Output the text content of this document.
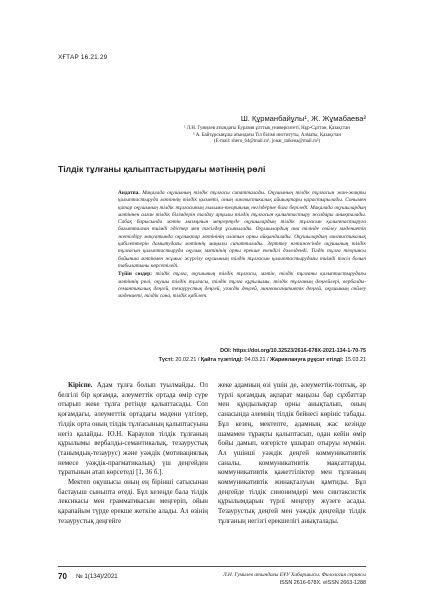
ХҒТАР 16.21.29
Ш. Құрманбайұлы¹, Ж. Жұмабаева²
¹ Л.Н. Гумилев атындағы Еуразия ұлттық университеті, Нұр-Сұлтан, Қазақстан
² А. Байтұрсынұлы атындағы Тіл білімі институты, Алматы, Қазақстан
(E-mail: sheru_64@mail.ru¹, jonar_taikena@mail.ru²)
Тілдік тұлғаны қалыптастырудағы мәтіннің рөлі

Андатпа. Мақалада оқушының тілдік тұлғасы сипатталады. Оқушының тілдік тұлғасын жан-жақты қалыптастыруда мәтіннің тілдік қызметі, оның лингвистикалық айшықтары қарастырылады. Сонымен қатар оқушының тілдік тұлғасының ғылыми-теориялық негіздеріне баға беріледі. Мақалада оқушылардың мәтіннен алған тілдік білімдерін талдау арқылы тілдік тұлғасын қалыптастыру жолдары анықталады. Сабақ барысында мәтін мазмұнын меңгертуде оқушылардың тілдік тұлғасын қалыптастыруға бағытталған тиімді әдістер мен тәсілдер ұсынылады. Оқушылардың ана тілінде сөйлеу мәдениетін жетілдіру мақсатында оқулықтар мәтінінің алатын орны айқындалады. Оқушылардың лингвистикалық қабілеттерін дамытудағы мәтіннің маңызы сипатталады. Зерттеу нәтижесінде оқушының тілдік тұлғасын қалыптастыруда оқулық мәтінінің орны ерекше екендігі дәлелденді. Тілдік тұлға теориясы бойынша мәтінмен жұмыс жүргізу оқушының тілдік тұлғасын қалыптастырудағы тиімді тәсіл болып табылатыны көрсетіледі.

Түйін сөздер: тілдік тұлға, оқушының тілдік тұлғасы, мәтін, тілдік тұлғаны қалыптастырудағы мәтіннің рөлі, оқушы тілдік тұлғасы, тілдік тұлға құрылымы, тілдік тұлғаның деңгейлері, вербалды-семантикалық деңгей, тезаурустық деңгей, уәждік деңгей, лингвокогнитивтік деңгей, оқушының сөйлеу мәдениеті, тілдік сана, тілдік қабілет.

DOI: https://doi.org/10.32523/2616-678X-2021-134-1-70-75
Түсті: 20.02.21 / Қайта түзетілді: 04.03.21 / Жариялануға рұқсат етілді: 15.03.21

Кіріспе. Адам тұлға болып туылмайды. Ол белгілі бір қоғамда, әлеуметтік ортада өмір сүре отырып жеке тұлға ретінде қалыптасады. Сол қоғамдағы, әлеуметтік ортадағы мәдени үлгілер, тілдік орта оның тілдік тұлғасының қалыптасуына негіз қалайды. Ю.Н. Караулов тілдік тұлғаның құрылымы вербалды-семантикалық, тезаурустық (танымдық-тезаурус) және уәждік (мотивациялық немесе уәждік-прагматикалық) үш деңгейден тұратынын атап көрсетеді [1, 36 б.].

Мектеп оқушысы оның ең бірінші сатысынан бастауыш сыныпта өтеді. Бұл кезеңде бала тілдік лексикасы мен грамматикасын меңгеріп, ойын қарапайым түрде ерекше жеткізе алады. Ал өзінің тезаурустық деңгейге

жеке адамның өзі үшін де, әлеуметтік-топтық, әр түрлі қоғамдық ақпарат маңызы бар сұхбаттар мен құндылықтар орны анықталып, оның санасында әлемнің тілдік бейнесі көрініс табады. Бұл кезең, мектепте, адамның жас кезінде шамамен тұрақты қалыптасып, одан кейін өмір бойы дамып, өзгерісте ұшырап отыруы мүмкін. Ал үшінші уәждік деңгей коммуникативтік саналы, коммуникативтік мақсаттарды, коммуникативтік қажеттіліктер мен тұлғаның коммуникативтік жинақталуын қамтиды. Бұл деңгейде тілдік синонимдері мен синтаксистік құрылымдарын түрлі меңгеру жүзеге асады. Тезаурустық деңгей мен уәждік деңгейде тілдік тұлғаның негізгі ерекшелігі анықталады.

70 № 1(134)/2021	Л.Н. Гумилев атындағы ЕҰУ Хабаршысы. Филология сериясы
ISSN 2616-678X. eISSN 2663-1288
